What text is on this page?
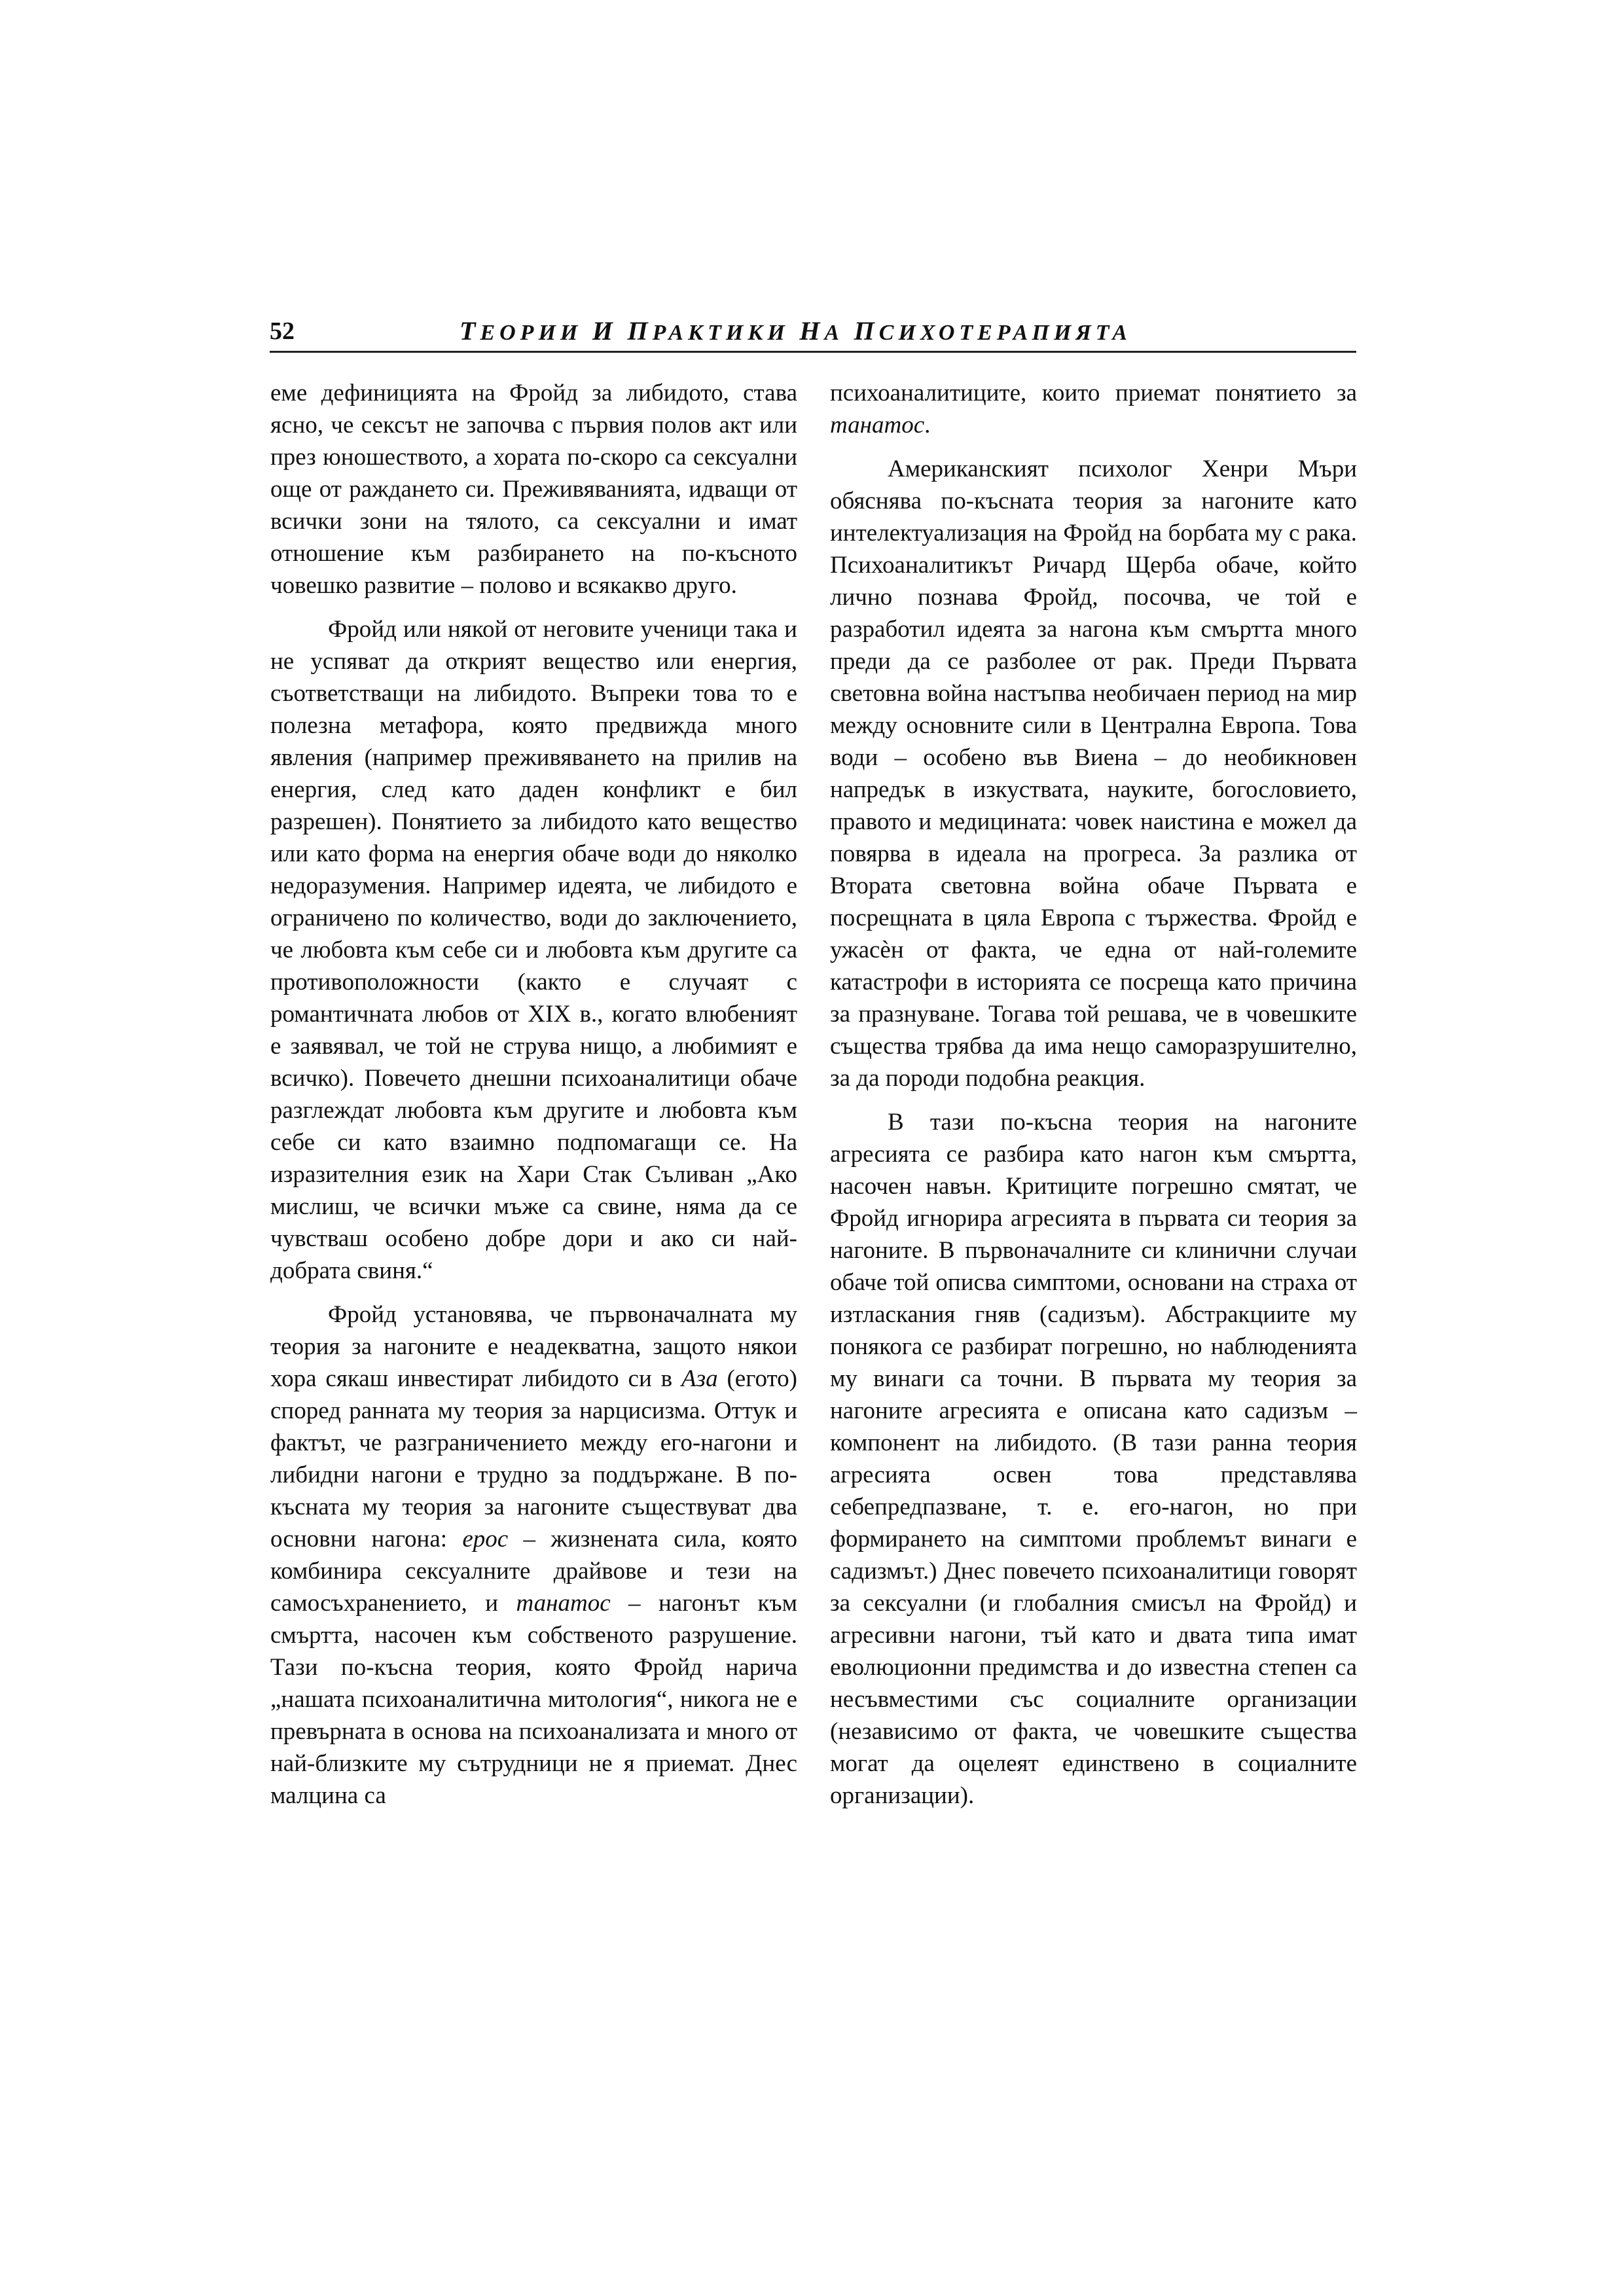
52	ТЕОРИИ И ПРАКТИКИ НА ПСИХОТЕРАПИЯТА

еме дефиницията на Фройд за либидото, става ясно, че сексът не започва с първия полов акт или през юношеството, а хората по-скоро са сексуални още от раждането си. Преживяванията, идващи от всички зони на тялото, са сексуални и имат отношение към разбирането на по-късното човешко развитие – полово и всякакво друго.

Фройд или някой от неговите ученици така и не успяват да открият вещество или енергия, съответстващи на либидото. Въпреки това то е полезна метафора, която предвижда много явления (например преживяването на прилив на енергия, след като даден конфликт е бил разрешен). Понятието за либидото като вещество или като форма на енергия обаче води до няколко недоразумения. Например идеята, че либидото е ограничено по количество, води до заключението, че любовта към себе си и любовта към другите са противоположности (както е случаят с романтичната любов от XIX в., когато влюбеният е заявявал, че той не струва нищо, а любимият е всичко). Повечето днешни психоаналитици обаче разглеждат любовта към другите и любовта към себе си като взаимно подпомагащи се. На изразителния език на Хари Стак Съливан „Ако мислиш, че всички мъже са свине, няма да се чувстваш особено добре дори и ако си най-добрата свиня.“

Фройд установява, че първоначалната му теория за нагоните е неадекватна, защото някои хора сякаш инвестират либидото си в Аза (егото) според ранната му теория за нарцисизма. Оттук и фактът, че разграничението между его-нагони и либидни нагони е трудно за поддържане. В по-късната му теория за нагоните съществуват два основни нагона: ерос – жизнената сила, която комбинира сексуалните драйвове и тези на самосъхранението, и танатос – нагонът към смъртта, насочен към собственото разрушение. Тази по-късна теория, която Фройд нарича „нашата психоаналитична митология“, никога не е превърната в основа на психоанализата и много от най-близките му сътрудници не я приемат. Днес малцина са

психоаналитиците, които приемат понятието за танатос.

Американският психолог Хенри Мъри обяснява по-късната теория за нагоните като интелектуализация на Фройд на борбата му с рака. Психоаналитикът Ричард Щерба обаче, който лично познава Фройд, посочва, че той е разработил идеята за нагона към смъртта много преди да се разболее от рак. Преди Първата световна война настъпва необичаен период на мир между основните сили в Централна Европа. Това води – особено във Виена – до необикновен напредък в изкуствата, науките, богословието, правото и медицината: човек наистина е можел да повярва в идеала на прогреса. За разлика от Втората световна война обаче Първата е посрещната в цяла Европа с тържества. Фройд е ужасѐн от факта, че една от най-големите катастрофи в историята се посреща като причина за празнуване. Тогава той решава, че в човешките същества трябва да има нещо саморазрушително, за да породи подобна реакция.

В тази по-късна теория на нагоните агресията се разбира като нагон към смъртта, насочен навън. Критиците погрешно смятат, че Фройд игнорира агресията в първата си теория за нагоните. В първоначалните си клинични случаи обаче той описва симптоми, основани на страха от изтласкания гняв (садизъм). Абстракциите му понякога се разбират погрешно, но наблюденията му винаги са точни. В първата му теория за нагоните агресията е описана като садизъм – компонент на либидото. (В тази ранна теория агресията освен това представлява себепредпазване, т. е. его-нагон, но при формирането на симптоми проблемът винаги е садизмът.) Днес повечето психоаналитици говорят за сексуални (и глобалния смисъл на Фройд) и агресивни нагони, тъй като и двата типа имат еволюционни предимства и до известна степен са несъвместими със социалните организации (независимо от факта, че човешките същества могат да оцелеят единствено в социалните организации).
